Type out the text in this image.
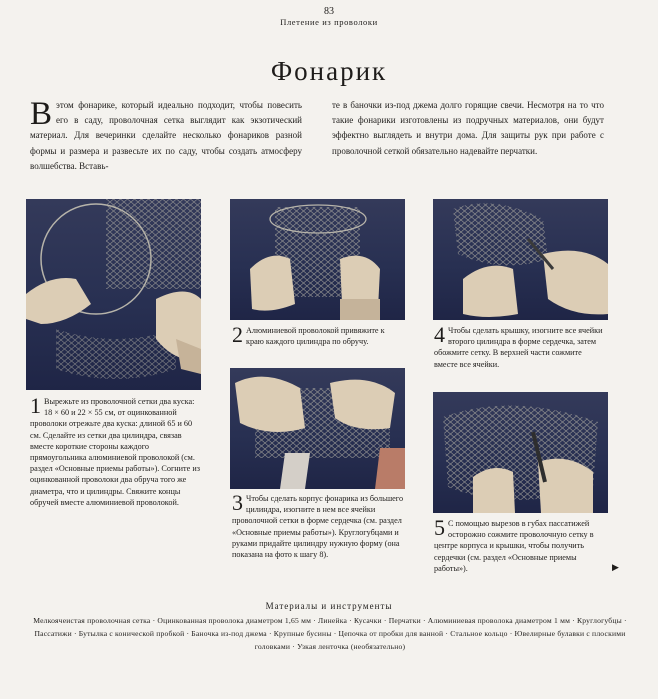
83
Плетение из проволоки
Фонарик
Вэтом фонарике, который идеально подходит, чтобы повесить его в саду, проволочная сетка выглядит как экзотический материал. Для вечеринки сделайте несколько фонариков разной формы и размера и развесьте их по саду, чтобы создать атмосферу волшебства. Вставь-
те в баночки из-под джема долго горящие свечи. Несмотря на то что такие фонарики изготовлены из подручных материалов, они будут эффектно выглядеть и внутри дома. Для защиты рук при работе с проволочной сеткой обязательно надевайте перчатки.
1 Вырежьте из проволочной сетки два куска: 18 × 60 и 22 × 55 см, от оцинкованной проволоки отрежьте два куска: длиной 65 и 60 см. Сделайте из сетки два цилиндра, связав вместе короткие стороны каждого прямоугольника алюминиевой проволокой (см. раздел «Основные приемы работы»). Согните из оцинкованной проволоки два обруча того же диаметра, что и цилиндры. Свяжите концы обручей вместе алюминиевой проволокой.
2 Алюминиевой проволокой привяжите к краю каждого цилиндра по обручу.
3 Чтобы сделать корпус фонарика из большего цилиндра, изогните в нем все ячейки проволочной сетки в форме сердечка (см. раздел «Основные приемы работы»). Круглогубцами и руками придайте цилиндру нужную форму (она показана на фото к шагу 8).
4 Чтобы сделать крышку, изогните все ячейки второго цилиндра в форме сердечка, затем обожмите сетку. В верхней части сожмите вместе все ячейки.
5 С помощью вырезов в губах пассатижей осторожно сожмите проволочную сетку в центре корпуса и крышки, чтобы получить сердечки (см. раздел «Основные приемы работы»).	▶
Материалы и инструменты
Мелкоячеистая проволочная сетка · Оцинкованная проволока диаметром 1,65 мм · Линейка · Кусачки · Перчатки · Алюминиевая проволока диаметром 1 мм · Круглогубцы · Пассатижи · Бутылка с конической пробкой · Баночка из-под джема · Крупные бусины · Цепочка от пробки для ванной · Стальное кольцо · Ювелирные булавки с плоскими головками · Узкая ленточка (необязательно)
